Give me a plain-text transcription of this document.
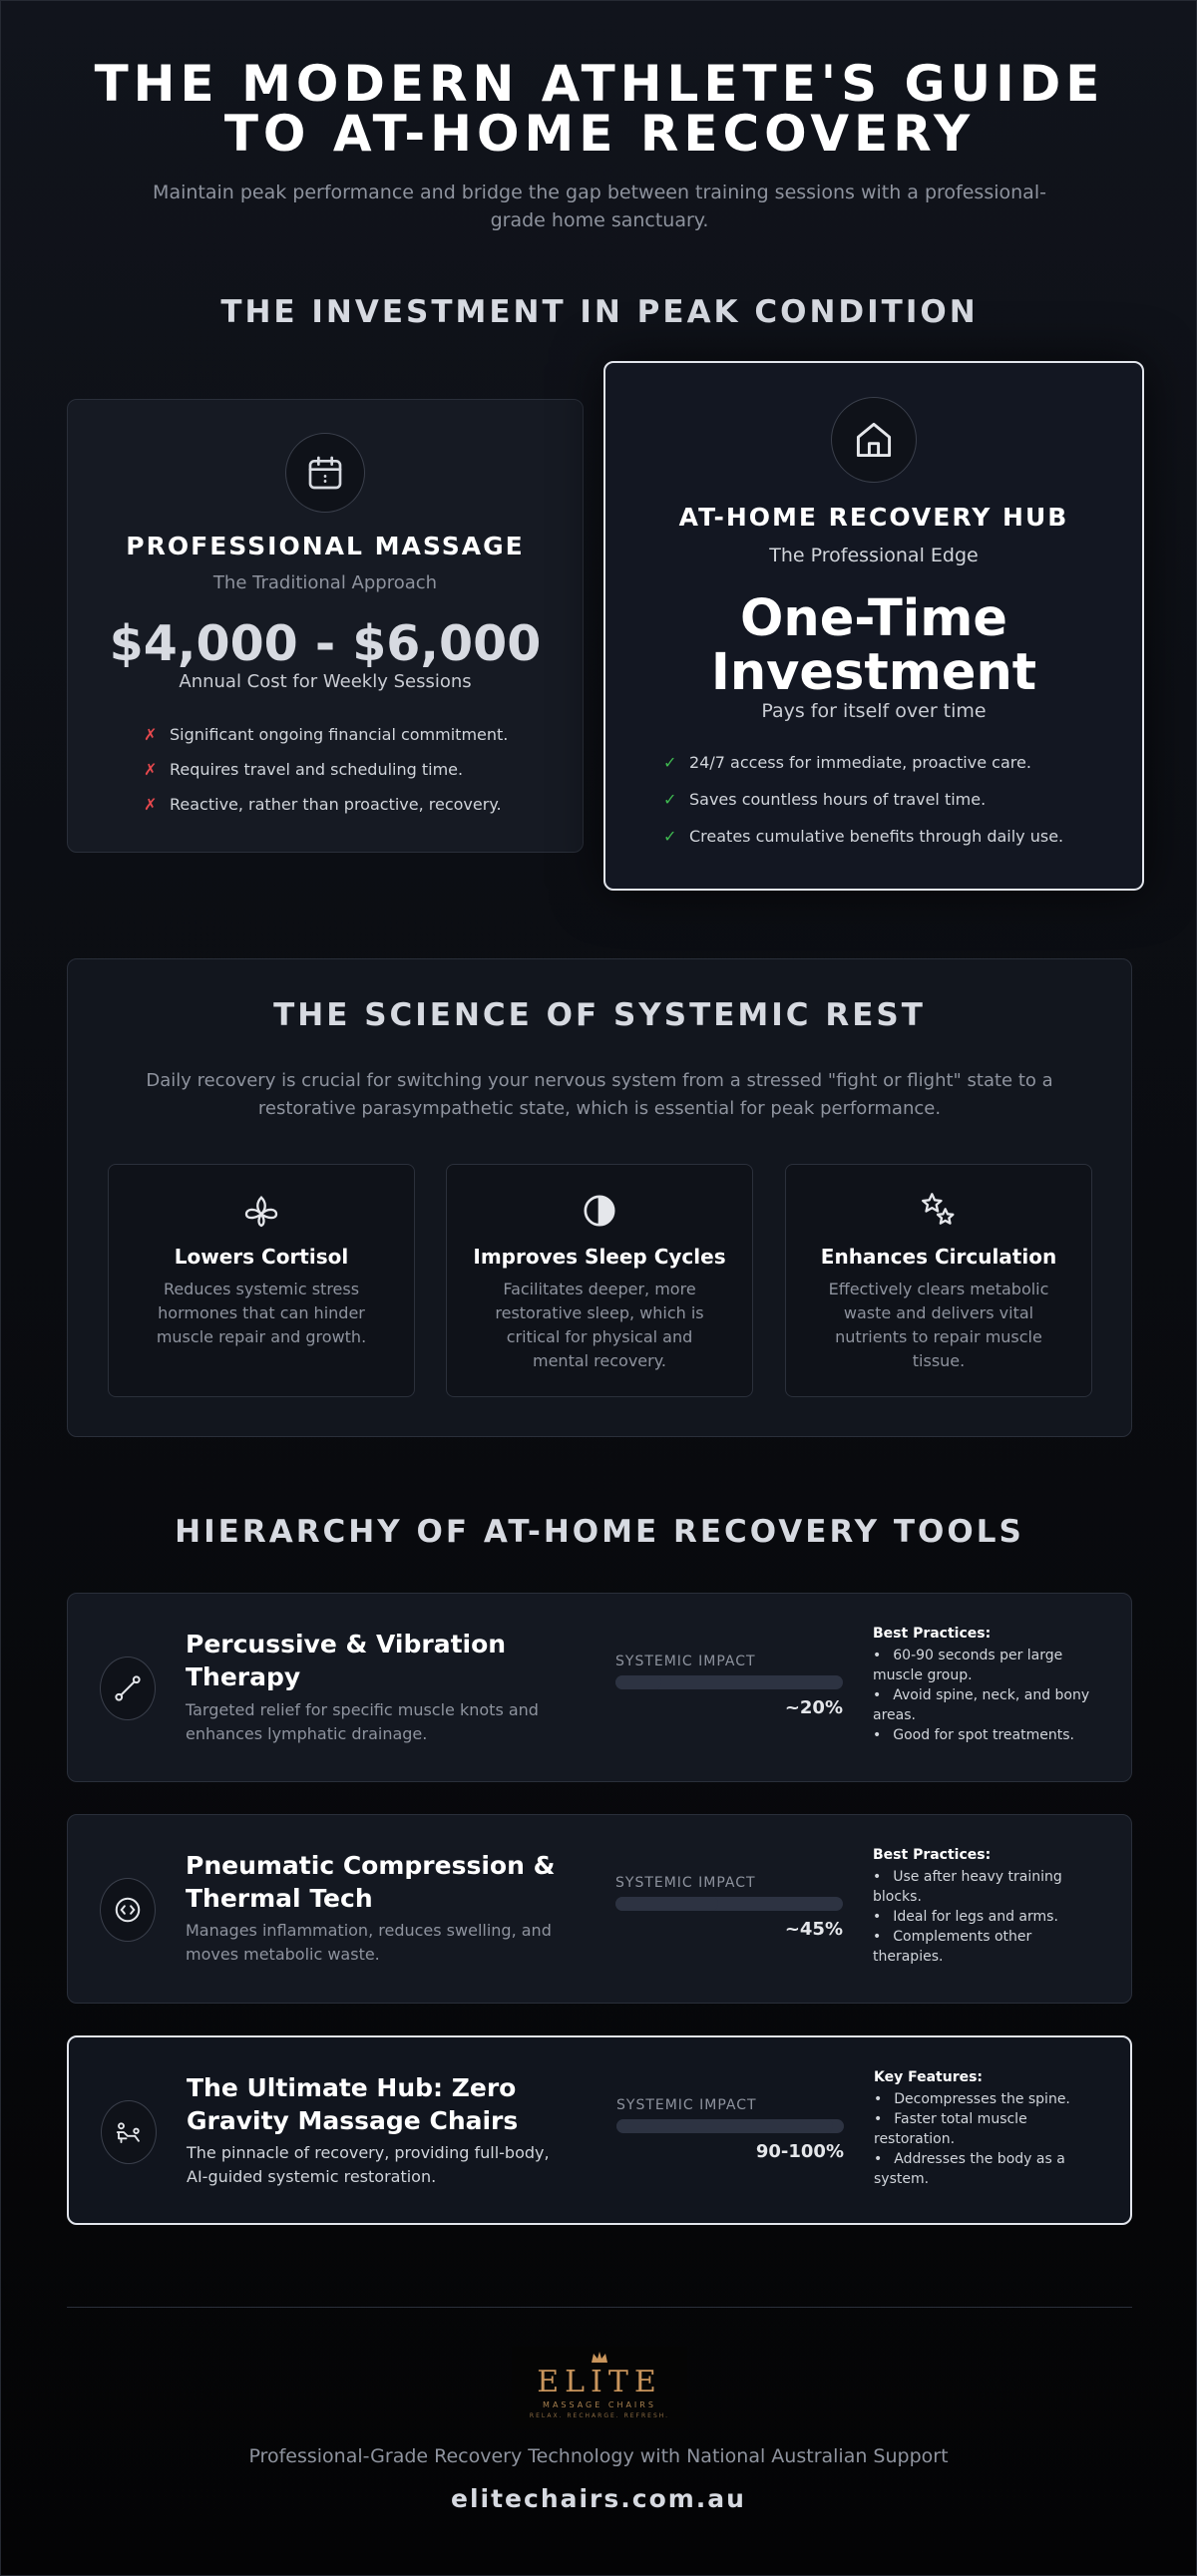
THE MODERN ATHLETE'S GUIDE
TO AT-HOME RECOVERY
Maintain peak performance and bridge the gap between training sessions with a professional-grade home sanctuary.
THE INVESTMENT IN PEAK CONDITION
PROFESSIONAL MASSAGE
The Traditional Approach
$4,000 - $6,000
Annual Cost for Weekly Sessions
✗ Significant ongoing financial commitment.
✗ Requires travel and scheduling time.
✗ Reactive, rather than proactive, recovery.
AT-HOME RECOVERY HUB
The Professional Edge
One-Time
Investment
Pays for itself over time
✓ 24/7 access for immediate, proactive care.
✓ Saves countless hours of travel time.
✓ Creates cumulative benefits through daily use.
THE SCIENCE OF SYSTEMIC REST
Daily recovery is crucial for switching your nervous system from a stressed "fight or flight" state to a restorative parasympathetic state, which is essential for peak performance.
Lowers Cortisol

Reduces systemic stress hormones that can hinder muscle repair and growth.

Improves Sleep Cycles

Facilitates deeper, more restorative sleep, which is critical for physical and mental recovery.

Enhances Circulation

Effectively clears metabolic waste and delivers vital nutrients to repair muscle tissue.

HIERARCHY OF AT-HOME RECOVERY TOOLS
Percussive & Vibration Therapy
Targeted relief for specific muscle knots and enhances lymphatic drainage.
SYSTEMIC IMPACT
~20%
Best Practices:
• 60-90 seconds per large muscle group.
• Avoid spine, neck, and bony areas.
• Good for spot treatments.
Pneumatic Compression & Thermal Tech
Manages inflammation, reduces swelling, and moves metabolic waste.
SYSTEMIC IMPACT
~45%
Best Practices:
• Use after heavy training blocks.
• Ideal for legs and arms.
• Complements other therapies.
The Ultimate Hub: Zero Gravity Massage Chairs
The pinnacle of recovery, providing full-body, AI-guided systemic restoration.
SYSTEMIC IMPACT
90-100%
Key Features:
• Decompresses the spine.
• Faster total muscle restoration.
• Addresses the body as a system.
ELITE
MASSAGE CHAIRS
RELAX. RECHARGE. REFRESH.
Professional-Grade Recovery Technology with National Australian Support
elitechairs.com.au
